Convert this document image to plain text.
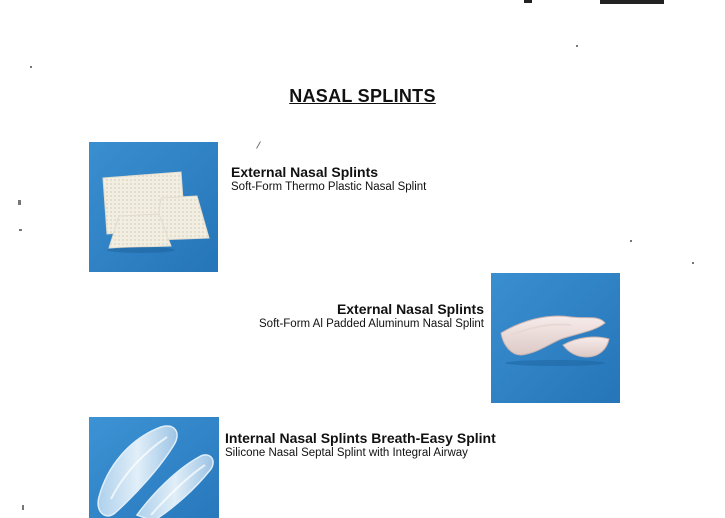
NASAL SPLINTS
External Nasal Splints
Soft-Form Thermo Plastic Nasal Splint
External Nasal Splints
Soft-Form Al Padded Aluminum Nasal Splint
Internal Nasal Splints Breath-Easy Splint
Silicone Nasal Septal Splint with Integral Airway
